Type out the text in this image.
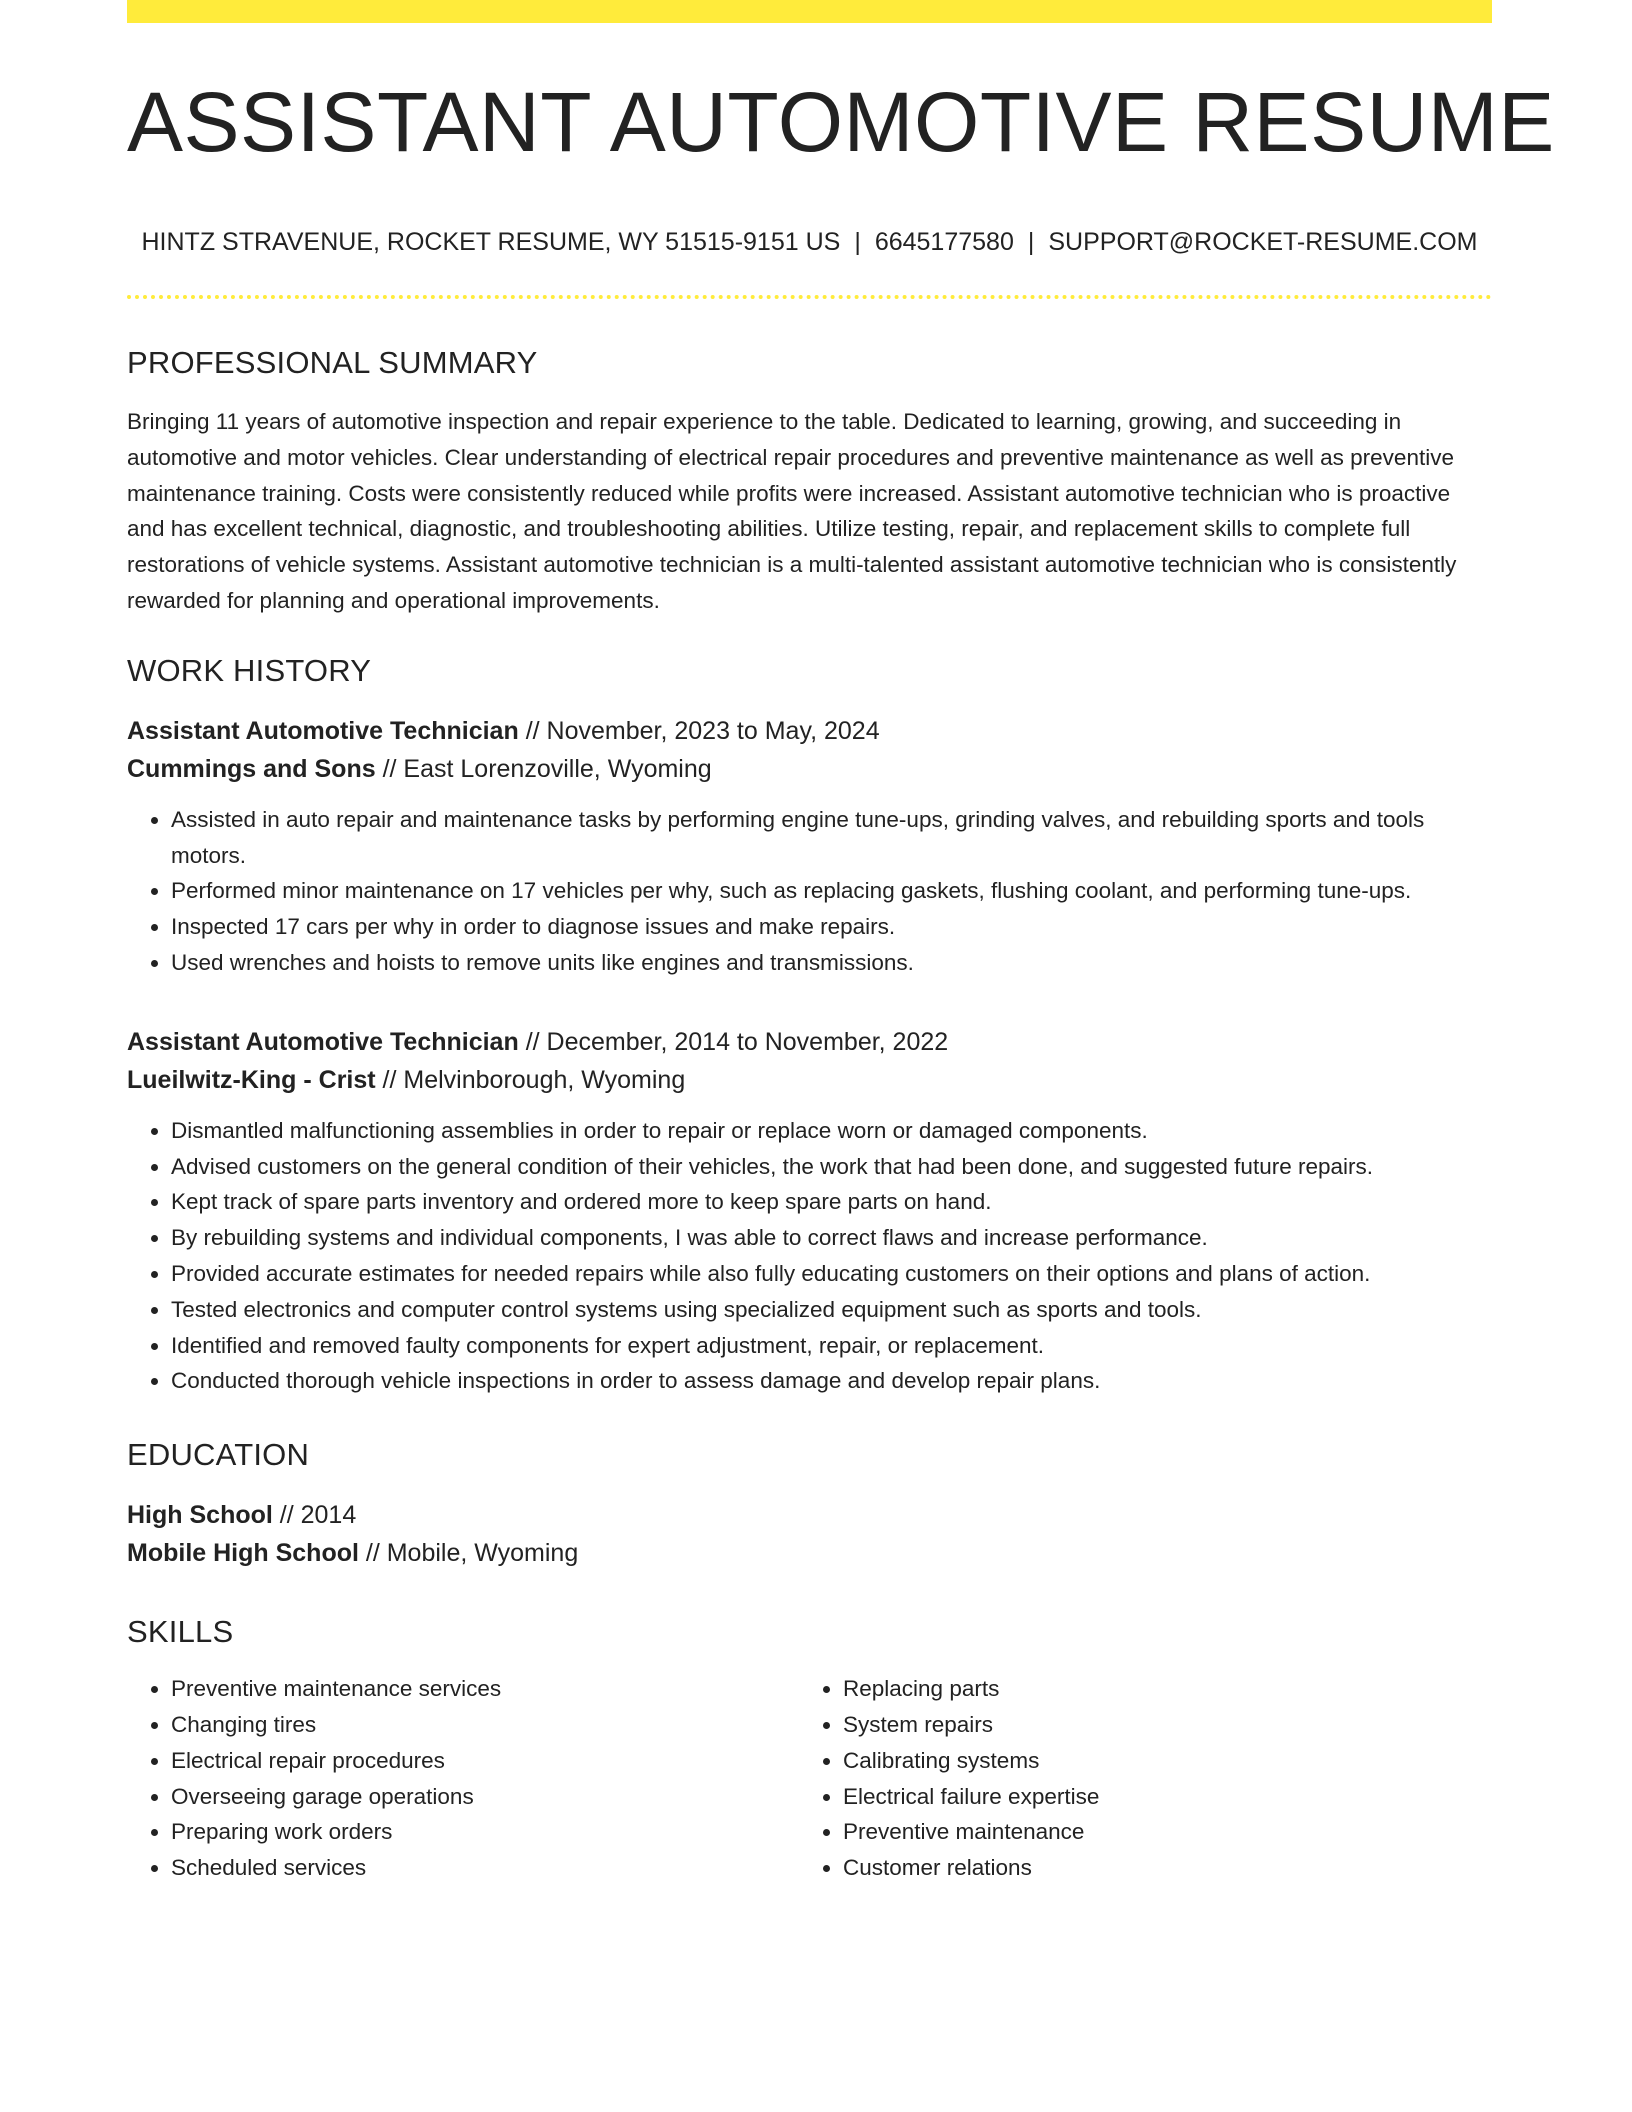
ASSISTANT AUTOMOTIVE RESUME
HINTZ STRAVENUE, ROCKET RESUME, WY 51515-9151 US | 6645177580 | SUPPORT@ROCKET-RESUME.COM
PROFESSIONAL SUMMARY

Bringing 11 years of automotive inspection and repair experience to the table. Dedicated to learning, growing, and succeeding in automotive and motor vehicles. Clear understanding of electrical repair procedures and preventive maintenance as well as preventive maintenance training. Costs were consistently reduced while profits were increased. Assistant automotive technician who is proactive and has excellent technical, diagnostic, and troubleshooting abilities. Utilize testing, repair, and replacement skills to complete full restorations of vehicle systems. Assistant automotive technician is a multi-talented assistant automotive technician who is consistently rewarded for planning and operational improvements.

WORK HISTORY
Assistant Automotive Technician // November, 2023 to May, 2024
Cummings and Sons // East Lorenzoville, Wyoming
• Assisted in auto repair and maintenance tasks by performing engine tune-ups, grinding valves, and rebuilding sports and tools motors.
• Performed minor maintenance on 17 vehicles per why, such as replacing gaskets, flushing coolant, and performing tune-ups.
• Inspected 17 cars per why in order to diagnose issues and make repairs.
• Used wrenches and hoists to remove units like engines and transmissions.
Assistant Automotive Technician // December, 2014 to November, 2022
Lueilwitz-King - Crist // Melvinborough, Wyoming
• Dismantled malfunctioning assemblies in order to repair or replace worn or damaged components.
• Advised customers on the general condition of their vehicles, the work that had been done, and suggested future repairs.
• Kept track of spare parts inventory and ordered more to keep spare parts on hand.
• By rebuilding systems and individual components, I was able to correct flaws and increase performance.
• Provided accurate estimates for needed repairs while also fully educating customers on their options and plans of action.
• Tested electronics and computer control systems using specialized equipment such as sports and tools.
• Identified and removed faulty components for expert adjustment, repair, or replacement.
• Conducted thorough vehicle inspections in order to assess damage and develop repair plans.
EDUCATION
High School // 2014
Mobile High School // Mobile, Wyoming
SKILLS
• Preventive maintenance services
• Changing tires
• Electrical repair procedures
• Overseeing garage operations
• Preparing work orders
• Scheduled services
• Replacing parts
• System repairs
• Calibrating systems
• Electrical failure expertise
• Preventive maintenance
• Customer relations
